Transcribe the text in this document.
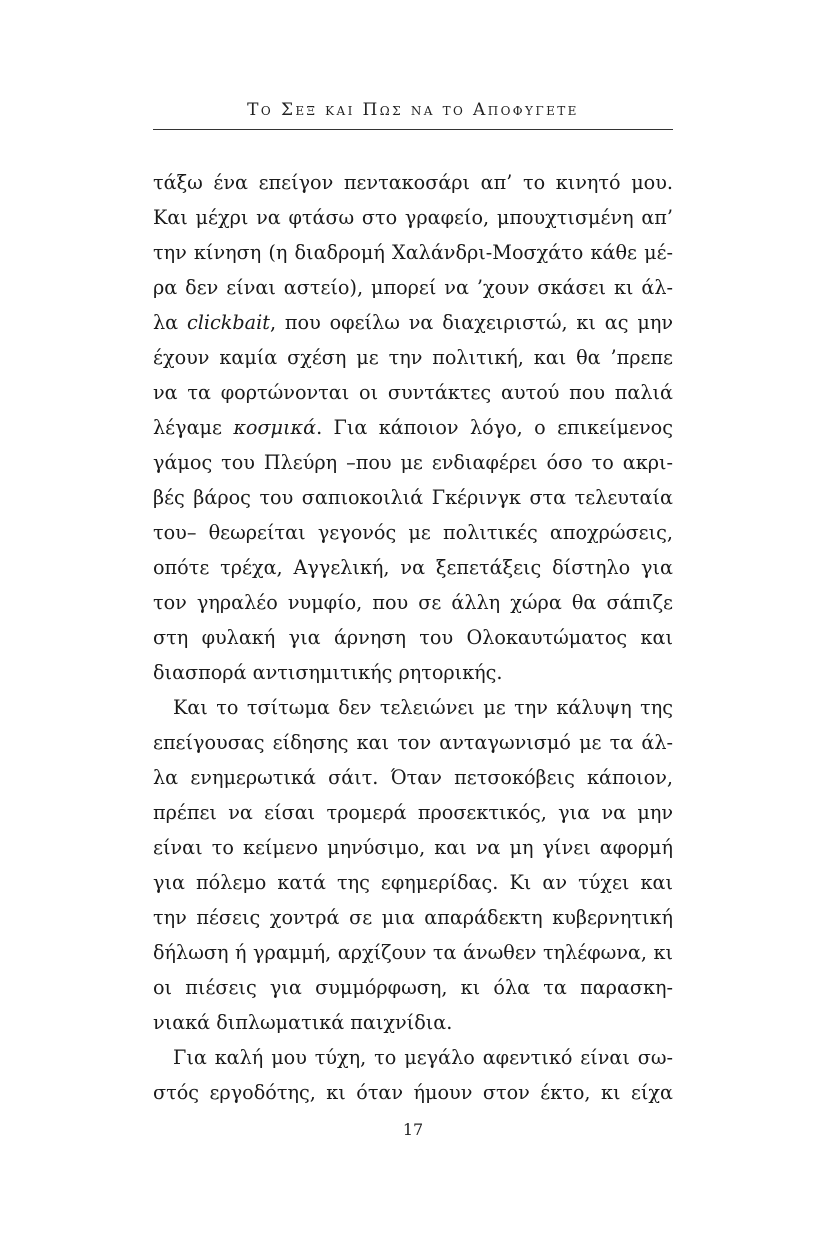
Το Σεξ και Πως να το Αποφυγετε
τάξω ένα επείγον πεντακοσάρι απ’ το κινητό μου.
Και μέχρι να φτάσω στο γραφείο, μπουχτισμένη απ’
την κίνηση (η διαδρομή Χαλάνδρι-Μοσχάτο κάθε μέ-
ρα δεν είναι αστείο), μπορεί να ’χουν σκάσει κι άλ-
λα clickbait, που οφείλω να διαχειριστώ, κι ας μην
έχουν καμία σχέση με την πολιτική, και θα ’πρεπε
να τα φορτώνονται οι συντάκτες αυτού που παλιά
λέγαμε κοσμικά. Για κάποιον λόγο, ο επικείμενος
γάμος του Πλεύρη –που με ενδιαφέρει όσο το ακρι-
βές βάρος του σαπιοκοιλιά Γκέρινγκ στα τελευταία
του– θεωρείται γεγονός με πολιτικές αποχρώσεις,
οπότε τρέχα, Αγγελική, να ξεπετάξεις δίστηλο για
τον γηραλέο νυμφίο, που σε άλλη χώρα θα σάπιζε
στη φυλακή για άρνηση του Ολοκαυτώματος και
διασπορά αντισημιτικής ρητορικής.
Και το τσίτωμα δεν τελειώνει με την κάλυψη της
επείγουσας είδησης και τον ανταγωνισμό με τα άλ-
λα ενημερωτικά σάιτ. Όταν πετσοκόβεις κάποιον,
πρέπει να είσαι τρομερά προσεκτικός, για να μην
είναι το κείμενο μηνύσιμο, και να μη γίνει αφορμή
για πόλεμο κατά της εφημερίδας. Κι αν τύχει και
την πέσεις χοντρά σε μια απαράδεκτη κυβερνητική
δήλωση ή γραμμή, αρχίζουν τα άνωθεν τηλέφωνα, κι
οι πιέσεις για συμμόρφωση, κι όλα τα παρασκη-
νιακά διπλωματικά παιχνίδια.
Για καλή μου τύχη, το μεγάλο αφεντικό είναι σω-
στός εργοδότης, κι όταν ήμουν στον έκτο, κι είχα
17
